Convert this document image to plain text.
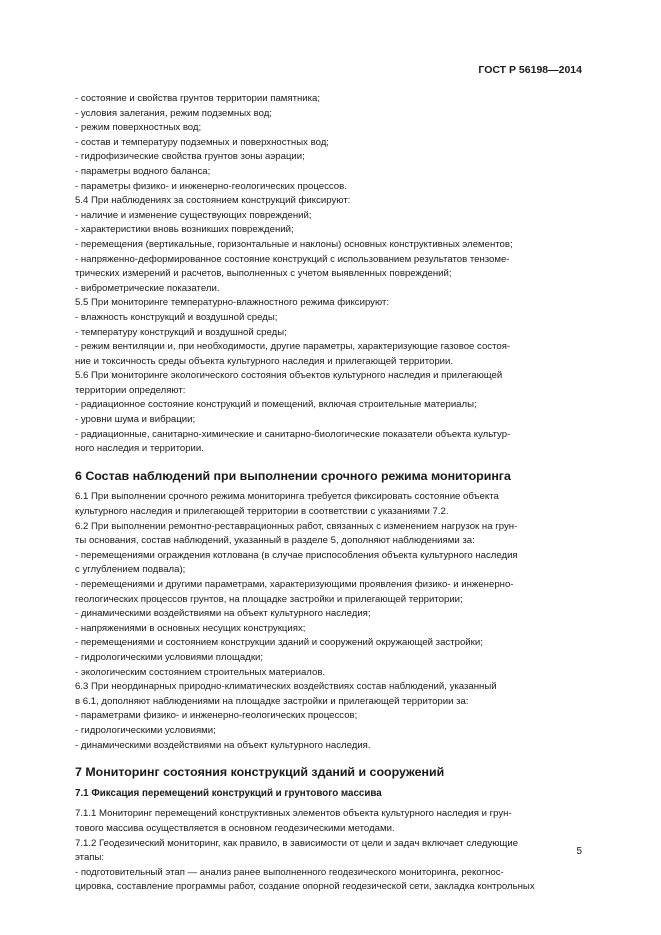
ГОСТ Р 56198—2014

- состояние и свойства грунтов территории памятника;

- условия залегания, режим подземных вод;

- режим поверхностных вод;

- состав и температуру подземных и поверхностных вод;

- гидрофизические свойства грунтов зоны аэрации;

- параметры водного баланса;

- параметры физико- и инженерно-геологических процессов.

5.4 При наблюдениях за состоянием конструкций фиксируют:

- наличие и изменение существующих повреждений;

- характеристики вновь возникших повреждений;

- перемещения (вертикальные, горизонтальные и наклоны) основных конструктивных элементов;

- напряженно-деформированное состояние конструкций с использованием результатов тензоме-

трических измерений и расчетов, выполненных с учетом выявленных повреждений;

- виброметрические показатели.

5.5 При мониторинге температурно-влажностного режима фиксируют:

- влажность конструкций и воздушной среды;

- температуру конструкций и воздушной среды;

- режим вентиляции и, при необходимости, другие параметры, характеризующие газовое состоя-

ние и токсичность среды объекта культурного наследия и прилегающей территории.

5.6 При мониторинге экологического состояния объектов культурного наследия и прилегающей

территории определяют:

- радиационное состояние конструкций и помещений, включая строительные материалы;

- уровни шума и вибрации;

- радиационные, санитарно-химические и санитарно-биологические показатели объекта культур-

ного наследия и территории.

6 Состав наблюдений при выполнении срочного режима мониторинга

6.1 При выполнении срочного режима мониторинга требуется фиксировать состояние объекта

культурного наследия и прилегающей территории в соответствии с указаниями 7.2.

6.2 При выполнении ремонтно-реставрационных работ, связанных с изменением нагрузок на грун-

ты основания, состав наблюдений, указанный в разделе 5, дополняют наблюдениями за:

- перемещениями ограждения котлована (в случае приспособления объекта культурного наследия

с углублением подвала);

- перемещениями и другими параметрами, характеризующими проявления физико- и инженерно-

геологических процессов грунтов, на площадке застройки и прилегающей территории;

- динамическими воздействиями на объект культурного наследия;

- напряжениями в основных несущих конструкциях;

- перемещениями и состоянием конструкции зданий и сооружений окружающей застройки;

- гидрологическими условиями площадки;

- экологическим состоянием строительных материалов.

6.3 При неординарных природно-климатических воздействиях состав наблюдений, указанный

в 6.1, дополняют наблюдениями на площадке застройки и прилегающей территории за:

- параметрами физико- и инженерно-геологических процессов;

- гидрологическими условиями;

- динамическими воздействиями на объект культурного наследия.

7 Мониторинг состояния конструкций зданий и сооружений

7.1 Фиксация перемещений конструкций и грунтового массива

7.1.1 Мониторинг перемещений конструктивных элементов объекта культурного наследия и грун-

тового массива осуществляется в основном геодезическими методами.

7.1.2 Геодезический мониторинг, как правило, в зависимости от цели и задач включает следующие

этапы:

- подготовительный этап — анализ ранее выполненного геодезического мониторинга, рекогнос-

цировка, составление программы работ, создание опорной геодезической сети, закладка контрольных

5
